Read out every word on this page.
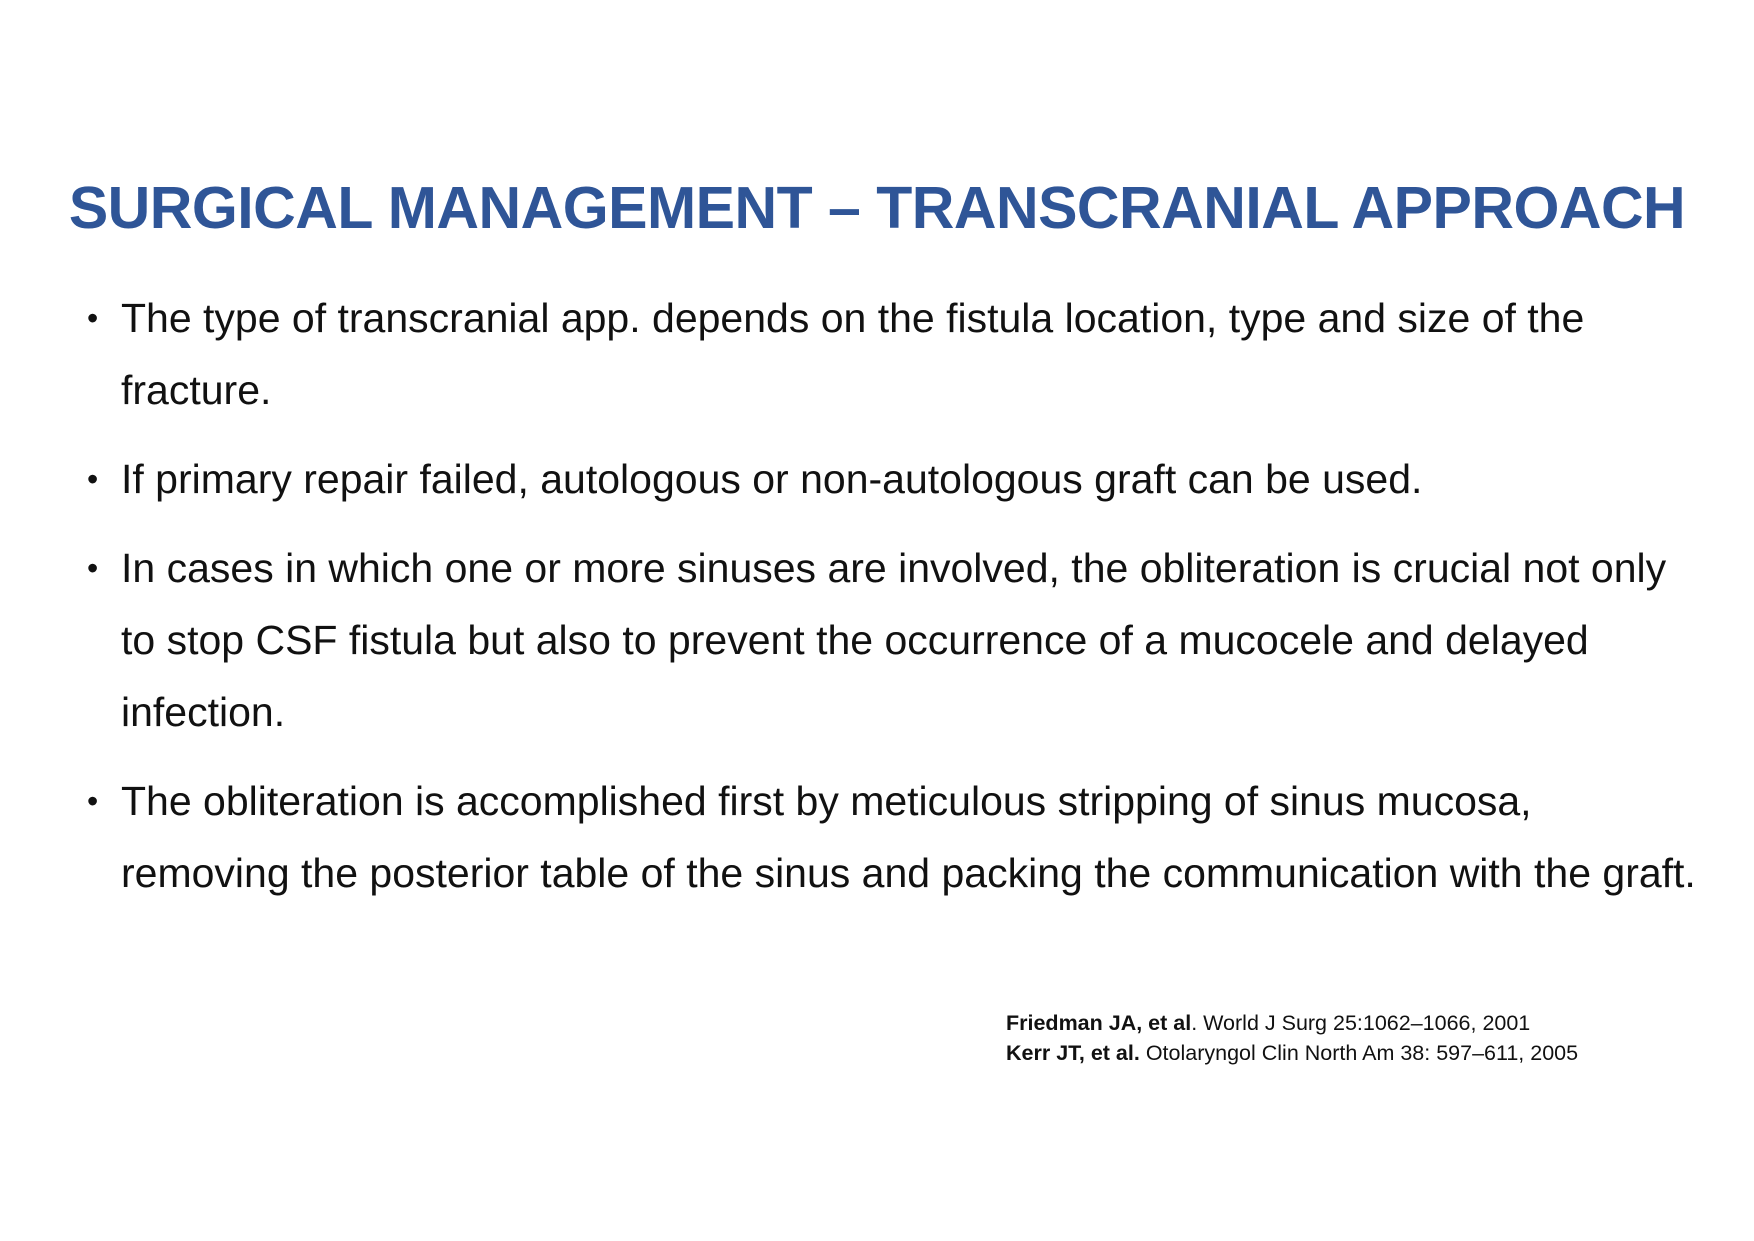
SURGICAL MANAGEMENT – TRANSCRANIAL APPROACH
• The type of transcranial app. depends on the fistula location, type and size of the fracture.
• If primary repair failed, autologous or non-autologous graft can be used.
• In cases in which one or more sinuses are involved, the obliteration is crucial not only to stop CSF fistula but also to prevent the occurrence of a mucocele and delayed infection.
• The obliteration is accomplished first by meticulous stripping of sinus mucosa, removing the posterior table of the sinus and packing the communication with the graft.
Friedman JA, et al. World J Surg 25:1062–1066, 2001
Kerr JT, et al. Otolaryngol Clin North Am 38: 597–611, 2005
